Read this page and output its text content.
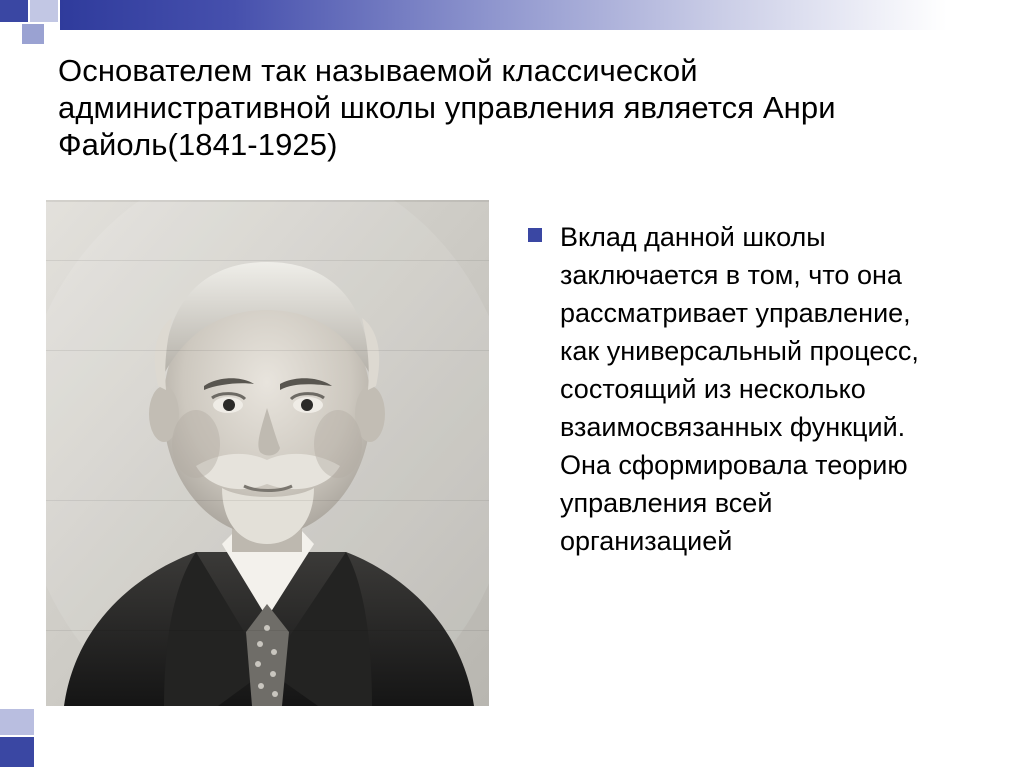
Основателем так называемой классической административной школы управления является Анри Файоль(1841-1925)
Вклад данной школы заключается в том, что она рассматривает управление, как универсальный процесс, состоящий из несколько взаимосвязанных функций. Она сформировала теорию управления всей организацией
